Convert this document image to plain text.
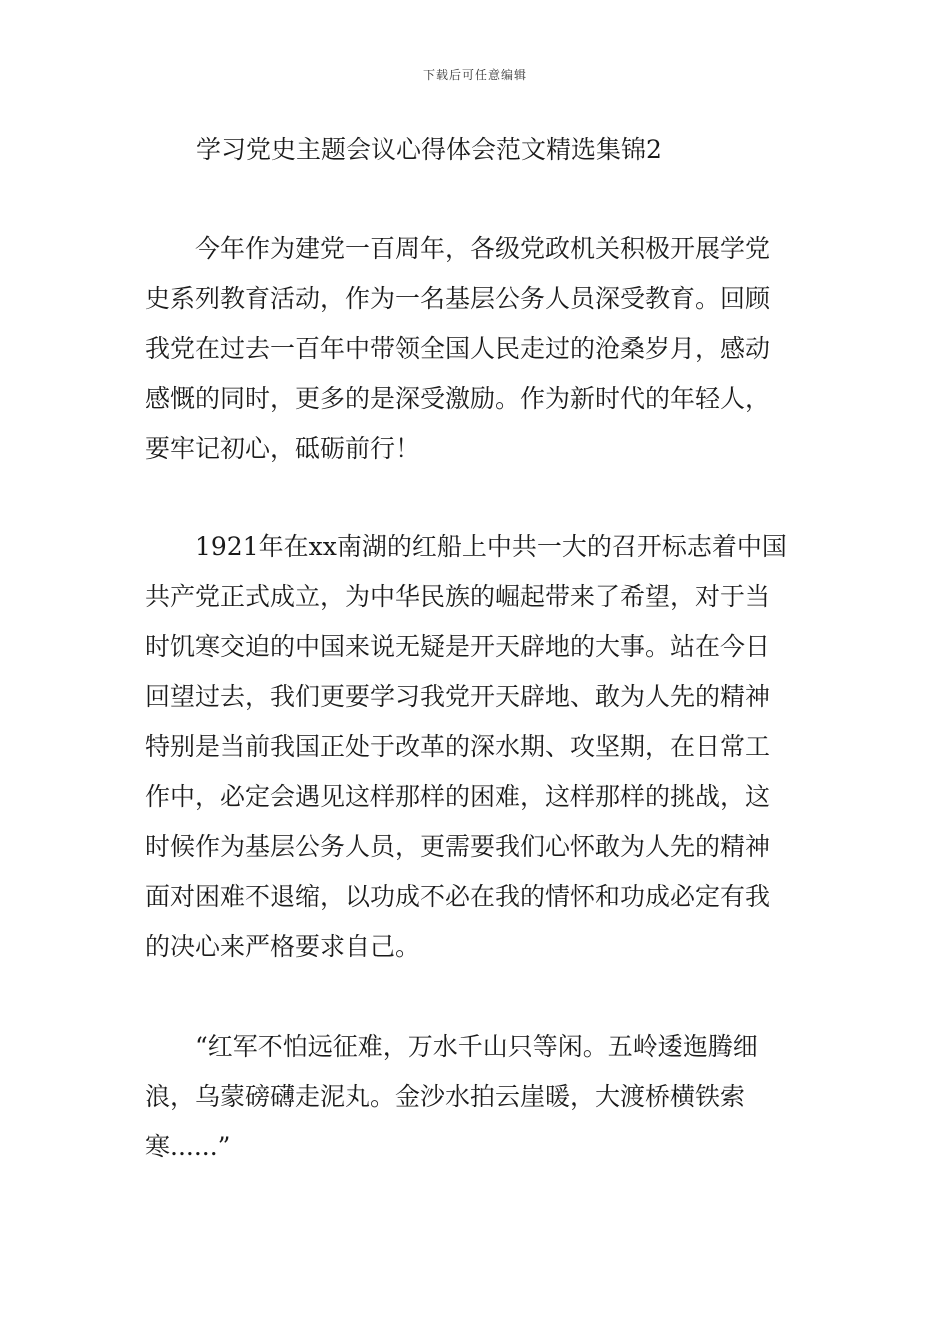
下载后可任意编辑
学习党史主题会议心得体会范文精选集锦2
　　今年作为建党一百周年，各级党政机关积极开展学党
史系列教育活动，作为一名基层公务人员深受教育。回顾
我党在过去一百年中带领全国人民走过的沧桑岁月，感动
感慨的同时，更多的是深受激励。作为新时代的年轻人，
要牢记初心，砥砺前行！
　　1921年在xx南湖的红船上中共一大的召开标志着中国
共产党正式成立，为中华民族的崛起带来了希望，对于当
时饥寒交迫的中国来说无疑是开天辟地的大事。站在今日
回望过去，我们更要学习我党开天辟地、敢为人先的精神
特别是当前我国正处于改革的深水期、攻坚期，在日常工
作中，必定会遇见这样那样的困难，这样那样的挑战，这
时候作为基层公务人员，更需要我们心怀敢为人先的精神
面对困难不退缩，以功成不必在我的情怀和功成必定有我
的决心来严格要求自己。
　　“红军不怕远征难，万水千山只等闲。五岭逶迤腾细
浪，乌蒙磅礴走泥丸。金沙水拍云崖暖，大渡桥横铁索
寒......”
